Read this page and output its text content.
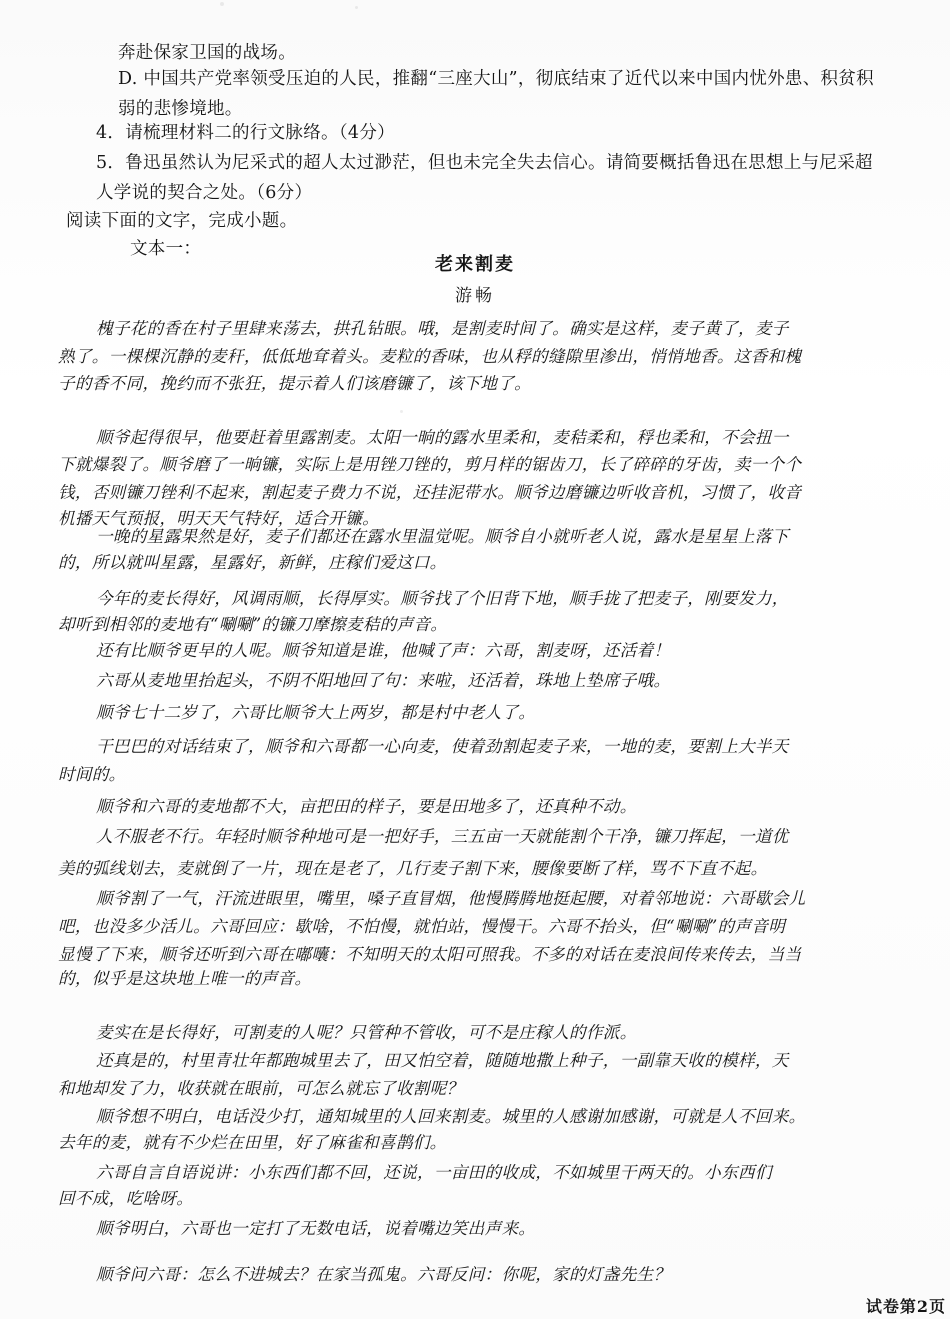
奔赴保家卫国的战场。
D. 中国共产党率领受压迫的人民，推翻“三座大山”，彻底结束了近代以来中国内忧外患、积贫积
弱的悲惨境地。
4．请梳理材料二的行文脉络。（4分）
5．鲁迅虽然认为尼采式的超人太过渺茫，但也未完全失去信心。请简要概括鲁迅在思想上与尼采超
人学说的契合之处。（6分）
阅读下面的文字，完成小题。
文本一：
老来割麦
游畅
槐子花的香在村子里肆来荡去，拱孔钻眼。哦，是割麦时间了。确实是这样，麦子黄了，麦子
熟了。一棵棵沉静的麦秆，低低地耷着头。麦粒的香味，也从稃的缝隙里渗出，悄悄地香。这香和槐
子的香不同，挽约而不张狂，提示着人们该磨镰了，该下地了。
顺爷起得很早，他要赶着里露割麦。太阳一晌的露水里柔和，麦秸柔和，稃也柔和，不会扭一
下就爆裂了。顺爷磨了一晌镰，实际上是用锉刀锉的，剪月样的锯齿刀，长了碎碎的牙齿，卖一个个
钱，否则镰刀锉利不起来，割起麦子费力不说，还挂泥带水。顺爷边磨镰边听收音机，习惯了，收音
机播天气预报，明天天气特好，适合开镰。
一晚的星露果然是好，麦子们都还在露水里温觉呢。顺爷自小就听老人说，露水是星星上落下
的，所以就叫星露，星露好，新鲜，庄稼们爱这口。
今年的麦长得好，风调雨顺，长得厚实。顺爷找了个旧背下地，顺手拢了把麦子，刚要发力，
却听到相邻的麦地有“唰唰”的镰刀摩擦麦秸的声音。
还有比顺爷更早的人呢。顺爷知道是谁，他喊了声：六哥，割麦呀，还活着！
六哥从麦地里抬起头，不阴不阳地回了句：来啦，还活着，珠地上垫席子哦。
顺爷七十二岁了，六哥比顺爷大上两岁，都是村中老人了。
干巴巴的对话结束了，顺爷和六哥都一心向麦，使着劲割起麦子来，一地的麦，要割上大半天
时间的。
顺爷和六哥的麦地都不大，亩把田的样子，要是田地多了，还真种不动。
人不服老不行。年轻时顺爷种地可是一把好手，三五亩一天就能割个干净，镰刀挥起，一道优
美的弧线划去，麦就倒了一片，现在是老了，几行麦子割下来，腰像要断了样，骂不下直不起。
顺爷割了一气，汗流进眼里，嘴里，嗓子直冒烟，他慢腾腾地挺起腰，对着邻地说：六哥歇会儿
吧，也没多少活儿。六哥回应：歇啥，不怕慢，就怕站，慢慢干。六哥不抬头，但“唰唰”的声音明
显慢了下来，顺爷还听到六哥在嘟囔：不知明天的太阳可照我。不多的对话在麦浪间传来传去，当当
的，似乎是这块地上唯一的声音。
麦实在是长得好，可割麦的人呢？只管种不管收，可不是庄稼人的作派。
还真是的，村里青壮年都跑城里去了，田又怕空着，随随地撒上种子，一副靠天收的模样，天
和地却发了力，收获就在眼前，可怎么就忘了收割呢？
顺爷想不明白，电话没少打，通知城里的人回来割麦。城里的人感谢加感谢，可就是人不回来。
去年的麦，就有不少烂在田里，好了麻雀和喜鹊们。
六哥自言自语说讲：小东西们都不回，还说，一亩田的收成，不如城里干两天的。小东西们
回不成，吃啥呀。
顺爷明白，六哥也一定打了无数电话，说着嘴边笑出声来。
顺爷问六哥：怎么不进城去？在家当孤鬼。六哥反问：你呢，家的灯盏先生？
试卷第2页
